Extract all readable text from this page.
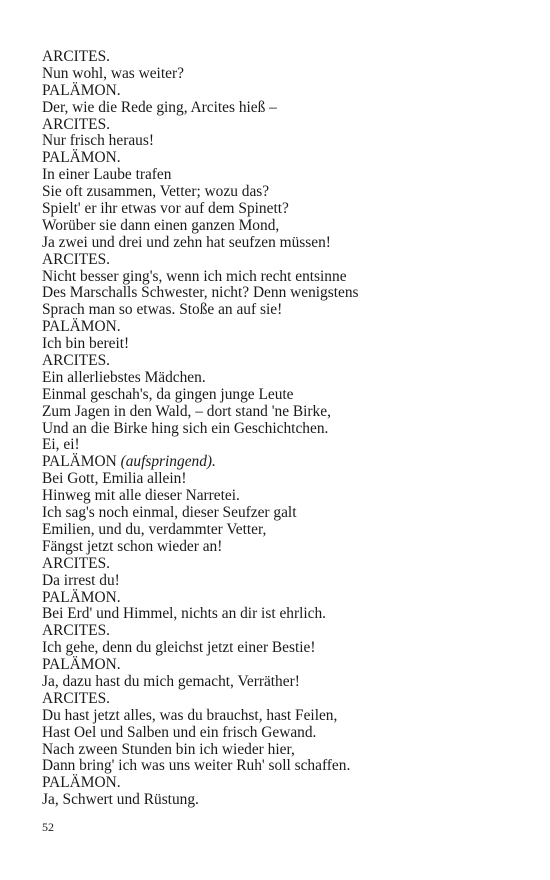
ARCITES.
Nun wohl, was weiter?
PALÄMON.
Der, wie die Rede ging, Arcites hieß –
ARCITES.
Nur frisch heraus!
PALÄMON.
In einer Laube trafen
Sie oft zusammen, Vetter; wozu das?
Spielt' er ihr etwas vor auf dem Spinett?
Worüber sie dann einen ganzen Mond,
Ja zwei und drei und zehn hat seufzen müssen!
ARCITES.
Nicht besser ging's, wenn ich mich recht entsinne
Des Marschalls Schwester, nicht? Denn wenigstens
Sprach man so etwas. Stoße an auf sie!
PALÄMON.
Ich bin bereit!
ARCITES.
Ein allerliebstes Mädchen.
Einmal geschah's, da gingen junge Leute
Zum Jagen in den Wald, – dort stand 'ne Birke,
Und an die Birke hing sich ein Geschichtchen.
Ei, ei!
PALÄMON (aufspringend).
Bei Gott, Emilia allein!
Hinweg mit alle dieser Narretei.
Ich sag's noch einmal, dieser Seufzer galt
Emilien, und du, verdammter Vetter,
Fängst jetzt schon wieder an!
ARCITES.
Da irrest du!
PALÄMON.
Bei Erd' und Himmel, nichts an dir ist ehrlich.
ARCITES.
Ich gehe, denn du gleichst jetzt einer Bestie!
PALÄMON.
Ja, dazu hast du mich gemacht, Verräther!
ARCITES.
Du hast jetzt alles, was du brauchst, hast Feilen,
Hast Oel und Salben und ein frisch Gewand.
Nach zween Stunden bin ich wieder hier,
Dann bring' ich was uns weiter Ruh' soll schaffen.
PALÄMON.
Ja, Schwert und Rüstung.
52
